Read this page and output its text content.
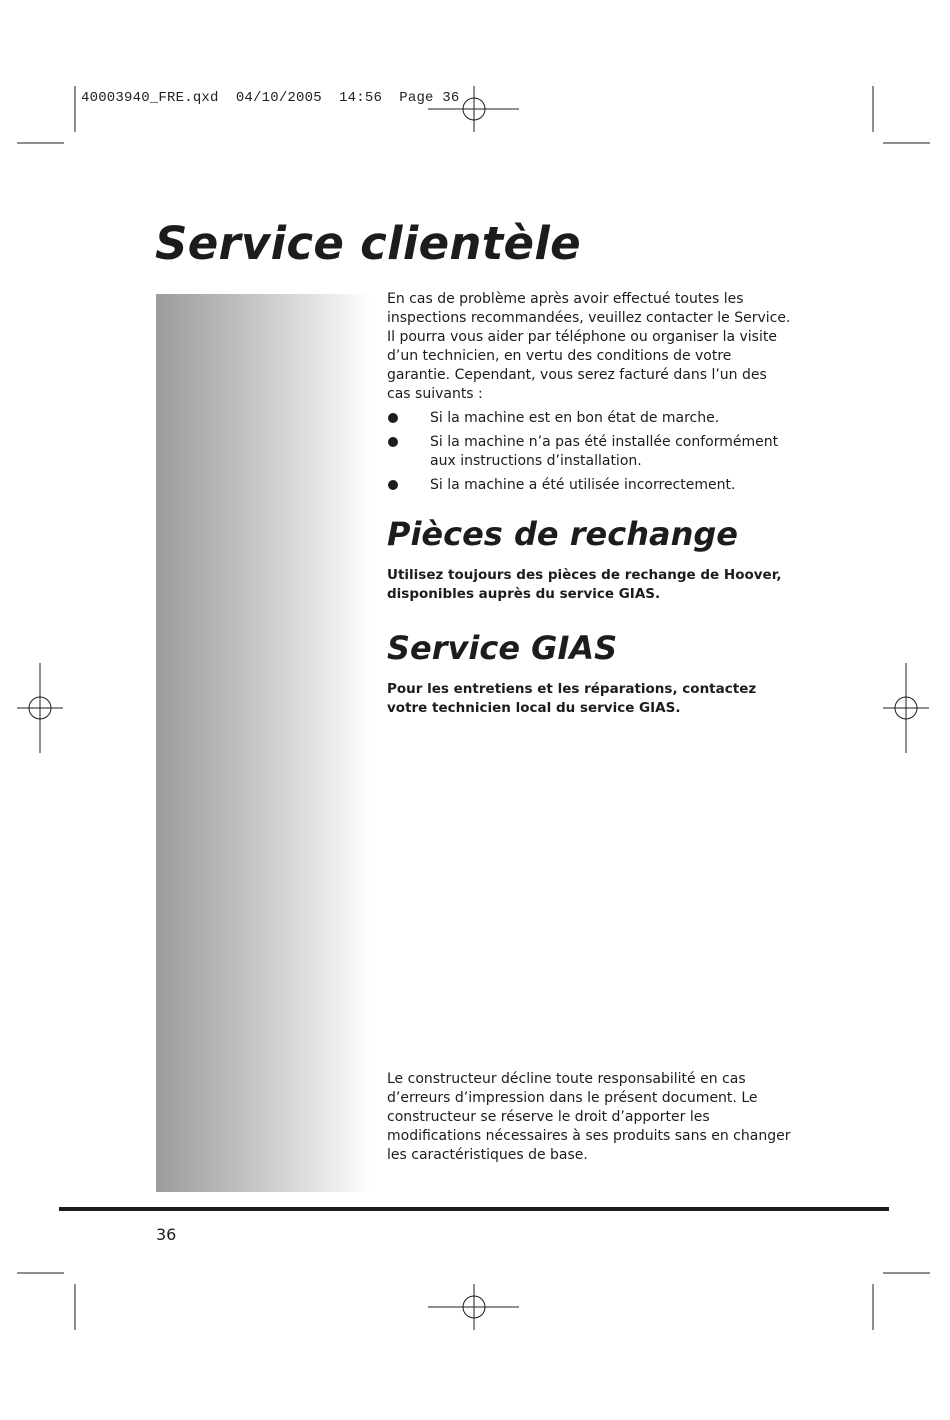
40003940_FRE.qxd  04/10/2005  14:56  Page 36
Service clientèle

En cas de problème après avoir effectué toutes les inspections recommandées, veuillez contacter le Service. Il pourra vous aider par téléphone ou organiser la visite d’un technicien, en vertu des conditions de votre garantie. Cependant, vous serez facturé dans l’un des cas suivants :

Si la machine est en bon état de marche.
Si la machine n’a pas été installée conformément aux instructions d’installation.
Si la machine a été utilisée incorrectement.
Pièces de rechange

Utilisez toujours des pièces de rechange de Hoover, disponibles auprès du service GIAS.

Service GIAS

Pour les entretiens et les réparations, contactez votre technicien local du service GIAS.

Le constructeur décline toute responsabilité en cas d’erreurs d’impression dans le présent document. Le constructeur se réserve le droit d’apporter les modifications nécessaires à ses produits sans en changer les caractéristiques de base.

36
